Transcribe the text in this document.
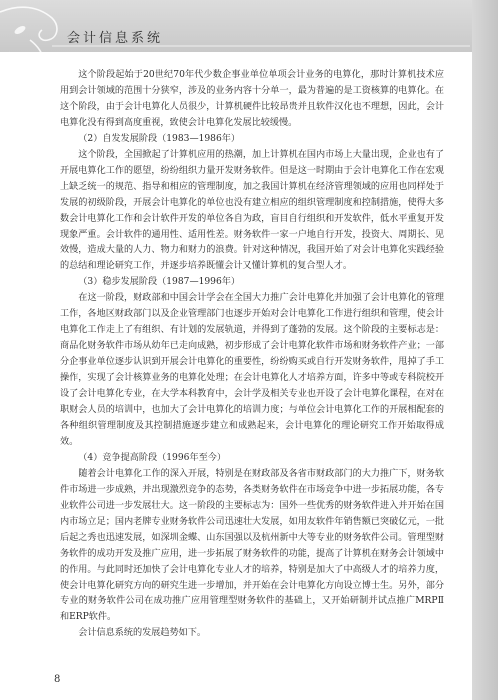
会计信息系统

这个阶段起始于20世纪70年代少数企事业单位单项会计业务的电算化，那时计算机技术应用到会计领域的范围十分狭窄，涉及的业务内容十分单一，最为普遍的是工资核算的电算化。在这个阶段，由于会计电算化人员很少，计算机硬件比较昂贵并且软件汉化也不理想，因此，会计电算化没有得到高度重视，致使会计电算化发展比较缓慢。

（2）自发发展阶段（1983—1986年）

这个阶段，全国掀起了计算机应用的热潮，加上计算机在国内市场上大量出现，企业也有了开展电算化工作的愿望，纷纷组织力量开发财务软件。但是这一时期由于会计电算化工作在宏观上缺乏统一的规范、指导和相应的管理制度，加之我国计算机在经济管理领域的应用也同样处于发展的初级阶段，开展会计电算化的单位也没有建立相应的组织管理制度和控制措施，使得大多数会计电算化工作和会计软件开发的单位各自为政，盲目自行组织和开发软件，低水平重复开发现象严重。会计软件的通用性、适用性差。财务软件一家一户地自行开发，投资大、周期长、见效慢，造成大量的人力、物力和财力的浪费。针对这种情况，我国开始了对会计电算化实践经验的总结和理论研究工作，并逐步培养既懂会计又懂计算机的复合型人才。

（3）稳步发展阶段（1987—1996年）

在这一阶段，财政部和中国会计学会在全国大力推广会计电算化并加强了会计电算化的管理工作，各地区财政部门以及企业管理部门也逐步开始对会计电算化工作进行组织和管理，使会计电算化工作走上了有组织、有计划的发展轨道，并得到了蓬勃的发展。这个阶段的主要标志是：商品化财务软件市场从幼年已走向成熟，初步形成了会计电算化软件市场和财务软件产业；一部分企事业单位逐步认识到开展会计电算化的重要性，纷纷购买或自行开发财务软件，甩掉了手工操作，实现了会计核算业务的电算化处理；在会计电算化人才培养方面，许多中等或专科院校开设了会计电算化专业，在大学本科教育中，会计学及相关专业也开设了会计电算化课程，在对在职财会人员的培训中，也加大了会计电算化的培训力度；与单位会计电算化工作的开展相配套的各种组织管理制度及其控制措施逐步建立和成熟起来，会计电算化的理论研究工作开始取得成效。

（4）竞争提高阶段（1996年至今）

随着会计电算化工作的深入开展，特别是在财政部及各省市财政部门的大力推广下，财务软件市场进一步成熟，并出现激烈竞争的态势，各类财务软件在市场竞争中进一步拓展功能，各专业软件公司进一步发展壮大。这一阶段的主要标志为：国外一些优秀的财务软件进入并开始在国内市场立足；国内老牌专业财务软件公司迅速壮大发展，如用友软件年销售额已突破亿元，一批后起之秀也迅速发展，如深圳金蝶、山东国强以及杭州新中大等专业的财务软件公司。管理型财务软件的成功开发及推广应用，进一步拓展了财务软件的功能，提高了计算机在财务会计领域中的作用。与此同时还加快了会计电算化专业人才的培养，特别是加大了中高级人才的培养力度，使会计电算化研究方向的研究生进一步增加，并开始在会计电算化方向设立博士生。另外，部分专业的财务软件公司在成功推广应用管理型财务软件的基础上，又开始研制并试点推广MRPⅡ和ERP软件。

会计信息系统的发展趋势如下。

8
